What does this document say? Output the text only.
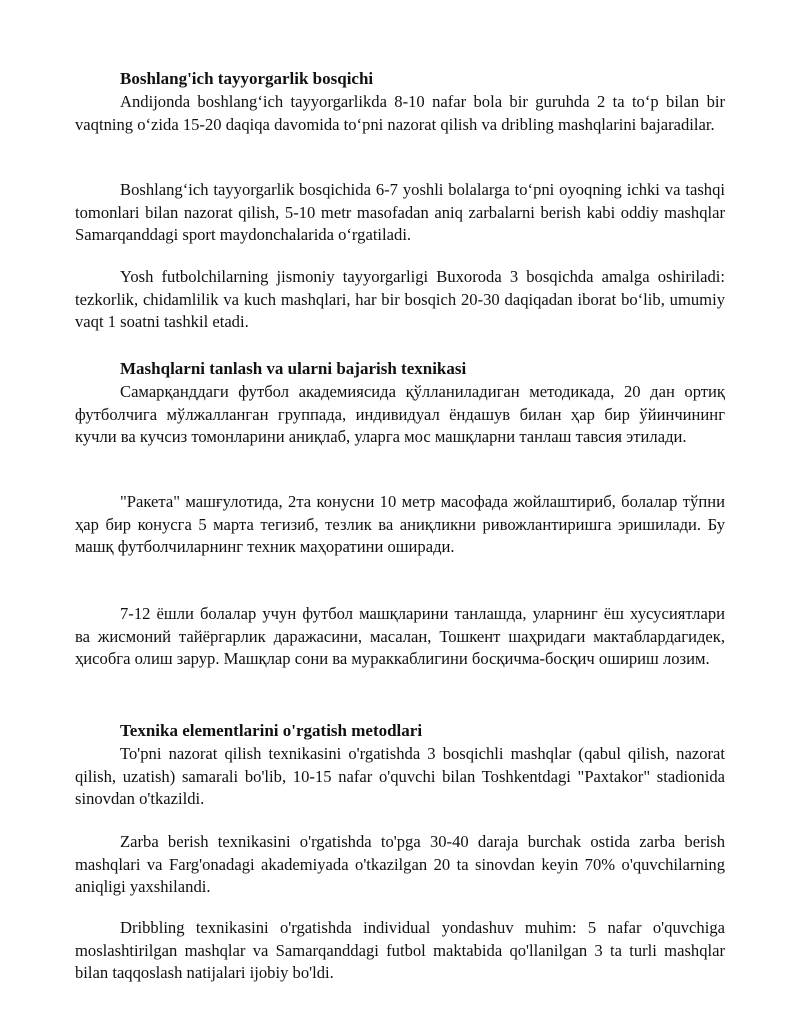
Boshlang'ich tayyorgarlik bosqichi

Andijonda boshlang‘ich tayyorgarlikda 8-10 nafar bola bir guruhda 2 ta to‘p bilan bir vaqtning o‘zida 15-20 daqiqa davomida to‘pni nazorat qilish va dribling mashqlarini bajaradilar.

Boshlang‘ich tayyorgarlik bosqichida 6-7 yoshli bolalarga to‘pni oyoqning ichki va tashqi tomonlari bilan nazorat qilish, 5-10 metr masofadan aniq zarbalarni berish kabi oddiy mashqlar Samarqanddagi sport maydonchalarida o‘rgatiladi.

Yosh futbolchilarning jismoniy tayyorgarligi Buxoroda 3 bosqichda amalga oshiriladi: tezkorlik, chidamlilik va kuch mashqlari, har bir bosqich 20-30 daqiqadan iborat bo‘lib, umumiy vaqt 1 soatni tashkil etadi.

Mashqlarni tanlash va ularni bajarish texnikasi

Самарқанддаги футбол академиясида қўлланиладиган методикада, 20 дан ортиқ футболчига мўлжалланган группада, индивидуал ёндашув билан ҳар бир ўйинчининг кучли ва кучсиз томонларини аниқлаб, уларга мос машқларни танлаш тавсия этилади.

"Ракета" машғулотида, 2та конусни 10 метр масофада жойлаштириб, болалар тўпни ҳар бир конусга 5 марта тегизиб, тезлик ва аниқликни ривожлантиришга эришилади. Бу машқ футболчиларнинг техник маҳоратини оширади.

7-12 ёшли болалар учун футбол машқларини танлашда, уларнинг ёш хусусиятлари ва жисмоний тайёргарлик даражасини, масалан, Тошкент шаҳридаги мактаблардагидек, ҳисобга олиш зарур. Машқлар сони ва мураккаблигини босқичма-босқич ошириш лозим.

Texnika elementlarini o'rgatish metodlari

To'pni nazorat qilish texnikasini o'rgatishda 3 bosqichli mashqlar (qabul qilish, nazorat qilish, uzatish) samarali bo'lib, 10-15 nafar o'quvchi bilan Toshkentdagi "Paxtakor" stadionida sinovdan o'tkazildi.

Zarba berish texnikasini o'rgatishda to'pga 30-40 daraja burchak ostida zarba berish mashqlari va Farg'onadagi akademiyada o'tkazilgan 20 ta sinovdan keyin 70% o'quvchilarning aniqligi yaxshilandi.

Dribbling texnikasini o'rgatishda individual yondashuv muhim: 5 nafar o'quvchiga moslashtirilgan mashqlar va Samarqanddagi futbol maktabida qo'llanilgan 3 ta turli mashqlar bilan taqqoslash natijalari ijobiy bo'ldi.
